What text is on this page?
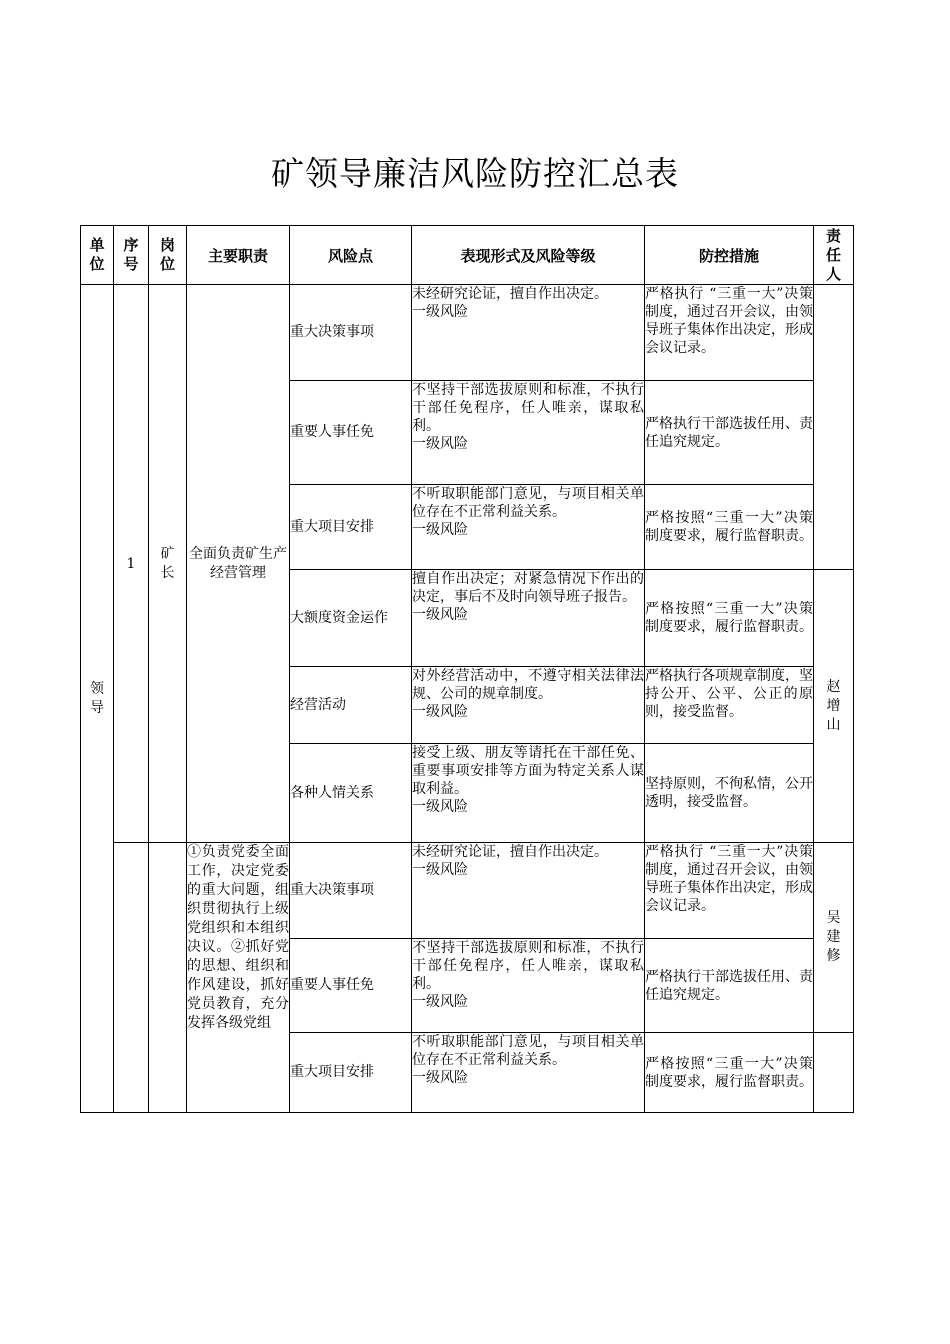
矿领导廉洁风险防控汇总表
单
位	序
号	岗
位	主要职责	风险点	表现形式及风险等级	防控措施	责
任
人
领
导	1	矿
长	全面负责矿生产经营管理	重大决策事项	未经研究论证，擅自作出决定。
一级风险	严格执行 “三重一大”决策制度，通过召开会议，由领导班子集体作出决定，形成会议记录。	
				重要人事任免	不坚持干部选拔原则和标准，不执行干部任免程序，任人唯亲，谋取私利。
一级风险	严格执行干部选拔任用、责任追究规定。	
				重大项目安排	不听取职能部门意见，与项目相关单位存在不正常利益关系。
一级风险	严格按照“三重一大”决策制度要求，履行监督职责。	
				大额度资金运作	擅自作出决定；对紧急情况下作出的决定，事后不及时向领导班子报告。
一级风险	严格按照“三重一大”决策制度要求，履行监督职责。	赵
增
山
				经营活动	对外经营活动中，不遵守相关法律法规、公司的规章制度。
一级风险	严格执行各项规章制度，坚持公开、公平、公正的原则，接受监督。	
				各种人情关系	接受上级、朋友等请托在干部任免、重要事项安排等方面为特定关系人谋取利益。
一级风险	坚持原则，不徇私情，公开透明，接受监督。	
			①负责党委全面工作，决定党委的重大问题，组织贯彻执行上级党组织和本组织决议。②抓好党的思想、组织和作风建设，抓好党员教育，充分发挥各级党组	重大决策事项	未经研究论证，擅自作出决定。
一级风险	严格执行 “三重一大”决策制度，通过召开会议，由领导班子集体作出决定，形成会议记录。	吴
建
修
				重要人事任免	不坚持干部选拔原则和标准，不执行干部任免程序，任人唯亲，谋取私利。
一级风险	严格执行干部选拔任用、责任追究规定。	
				重大项目安排	不听取职能部门意见，与项目相关单位存在不正常利益关系。
一级风险	严格按照“三重一大”决策制度要求，履行监督职责。	
